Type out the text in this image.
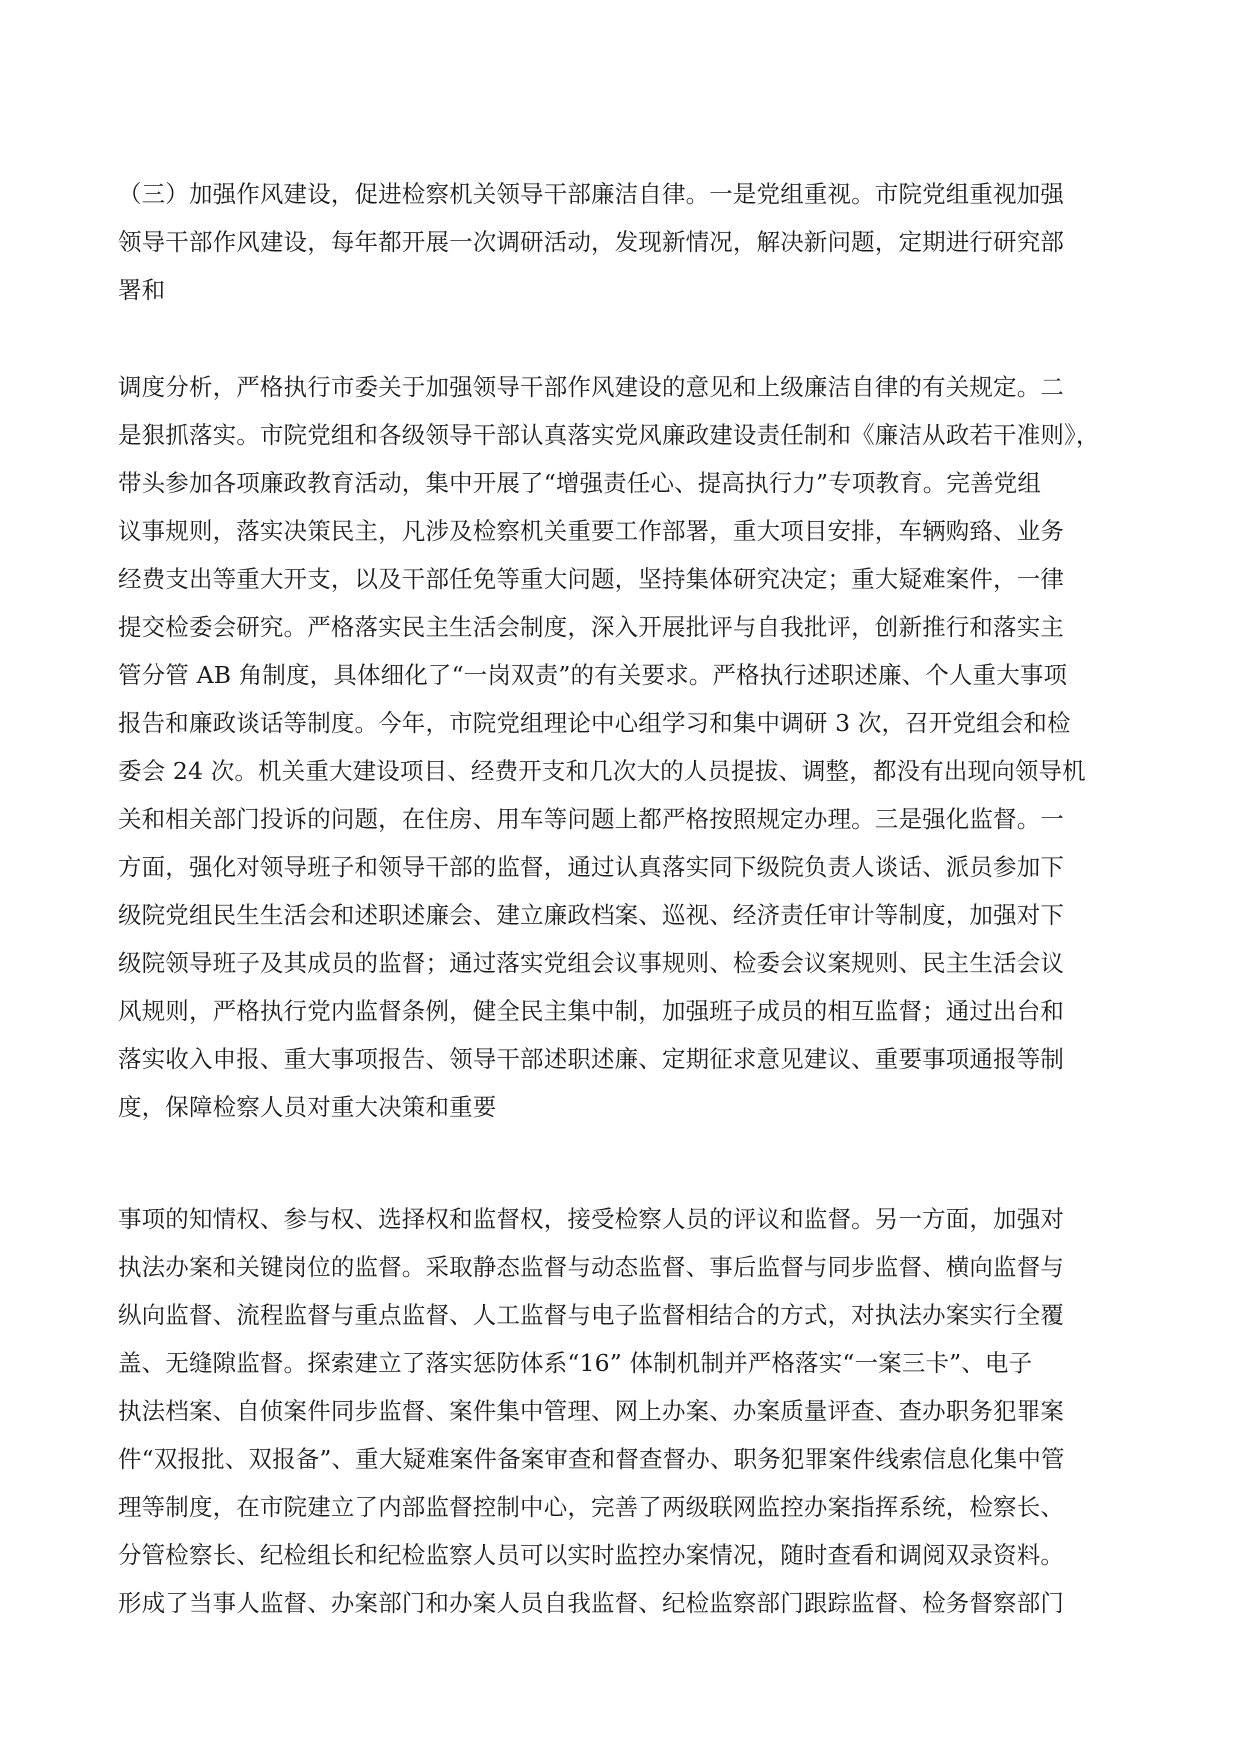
（三）加强作风建设，促进检察机关领导干部廉洁自律。一是党组重视。市院党组重视加强
领导干部作风建设，每年都开展一次调研活动，发现新情况，解决新问题，定期进行研究部
署和
调度分析，严格执行市委关于加强领导干部作风建设的意见和上级廉洁自律的有关规定。二
是狠抓落实。市院党组和各级领导干部认真落实党风廉政建设责任制和《廉洁从政若干准则》，
带头参加各项廉政教育活动，集中开展了“增强责任心、提高执行力”专项教育。完善党组
议事规则，落实决策民主，凡涉及检察机关重要工作部署，重大项目安排，车辆购臵、业务
经费支出等重大开支，以及干部任免等重大问题，坚持集体研究决定；重大疑难案件，一律
提交检委会研究。严格落实民主生活会制度，深入开展批评与自我批评，创新推行和落实主
管分管 AB 角制度，具体细化了“一岗双责”的有关要求。严格执行述职述廉、个人重大事项
报告和廉政谈话等制度。今年，市院党组理论中心组学习和集中调研 3 次，召开党组会和检
委会 24 次。机关重大建设项目、经费开支和几次大的人员提拔、调整，都没有出现向领导机
关和相关部门投诉的问题，在住房、用车等问题上都严格按照规定办理。三是强化监督。一
方面，强化对领导班子和领导干部的监督，通过认真落实同下级院负责人谈话、派员参加下
级院党组民生生活会和述职述廉会、建立廉政档案、巡视、经济责任审计等制度，加强对下
级院领导班子及其成员的监督；通过落实党组会议事规则、检委会议案规则、民主生活会议
风规则，严格执行党内监督条例，健全民主集中制，加强班子成员的相互监督；通过出台和
落实收入申报、重大事项报告、领导干部述职述廉、定期征求意见建议、重要事项通报等制
度，保障检察人员对重大决策和重要
事项的知情权、参与权、选择权和监督权，接受检察人员的评议和监督。另一方面，加强对
执法办案和关键岗位的监督。采取静态监督与动态监督、事后监督与同步监督、横向监督与
纵向监督、流程监督与重点监督、人工监督与电子监督相结合的方式，对执法办案实行全覆
盖、无缝隙监督。探索建立了落实惩防体系“16” 体制机制并严格落实“一案三卡”、电子
执法档案、自侦案件同步监督、案件集中管理、网上办案、办案质量评查、查办职务犯罪案
件“双报批、双报备”、重大疑难案件备案审查和督查督办、职务犯罪案件线索信息化集中管
理等制度，在市院建立了内部监督控制中心，完善了两级联网监控办案指挥系统，检察长、
分管检察长、纪检组长和纪检监察人员可以实时监控办案情况，随时查看和调阅双录资料。
形成了当事人监督、办案部门和办案人员自我监督、纪检监察部门跟踪监督、检务督察部门
